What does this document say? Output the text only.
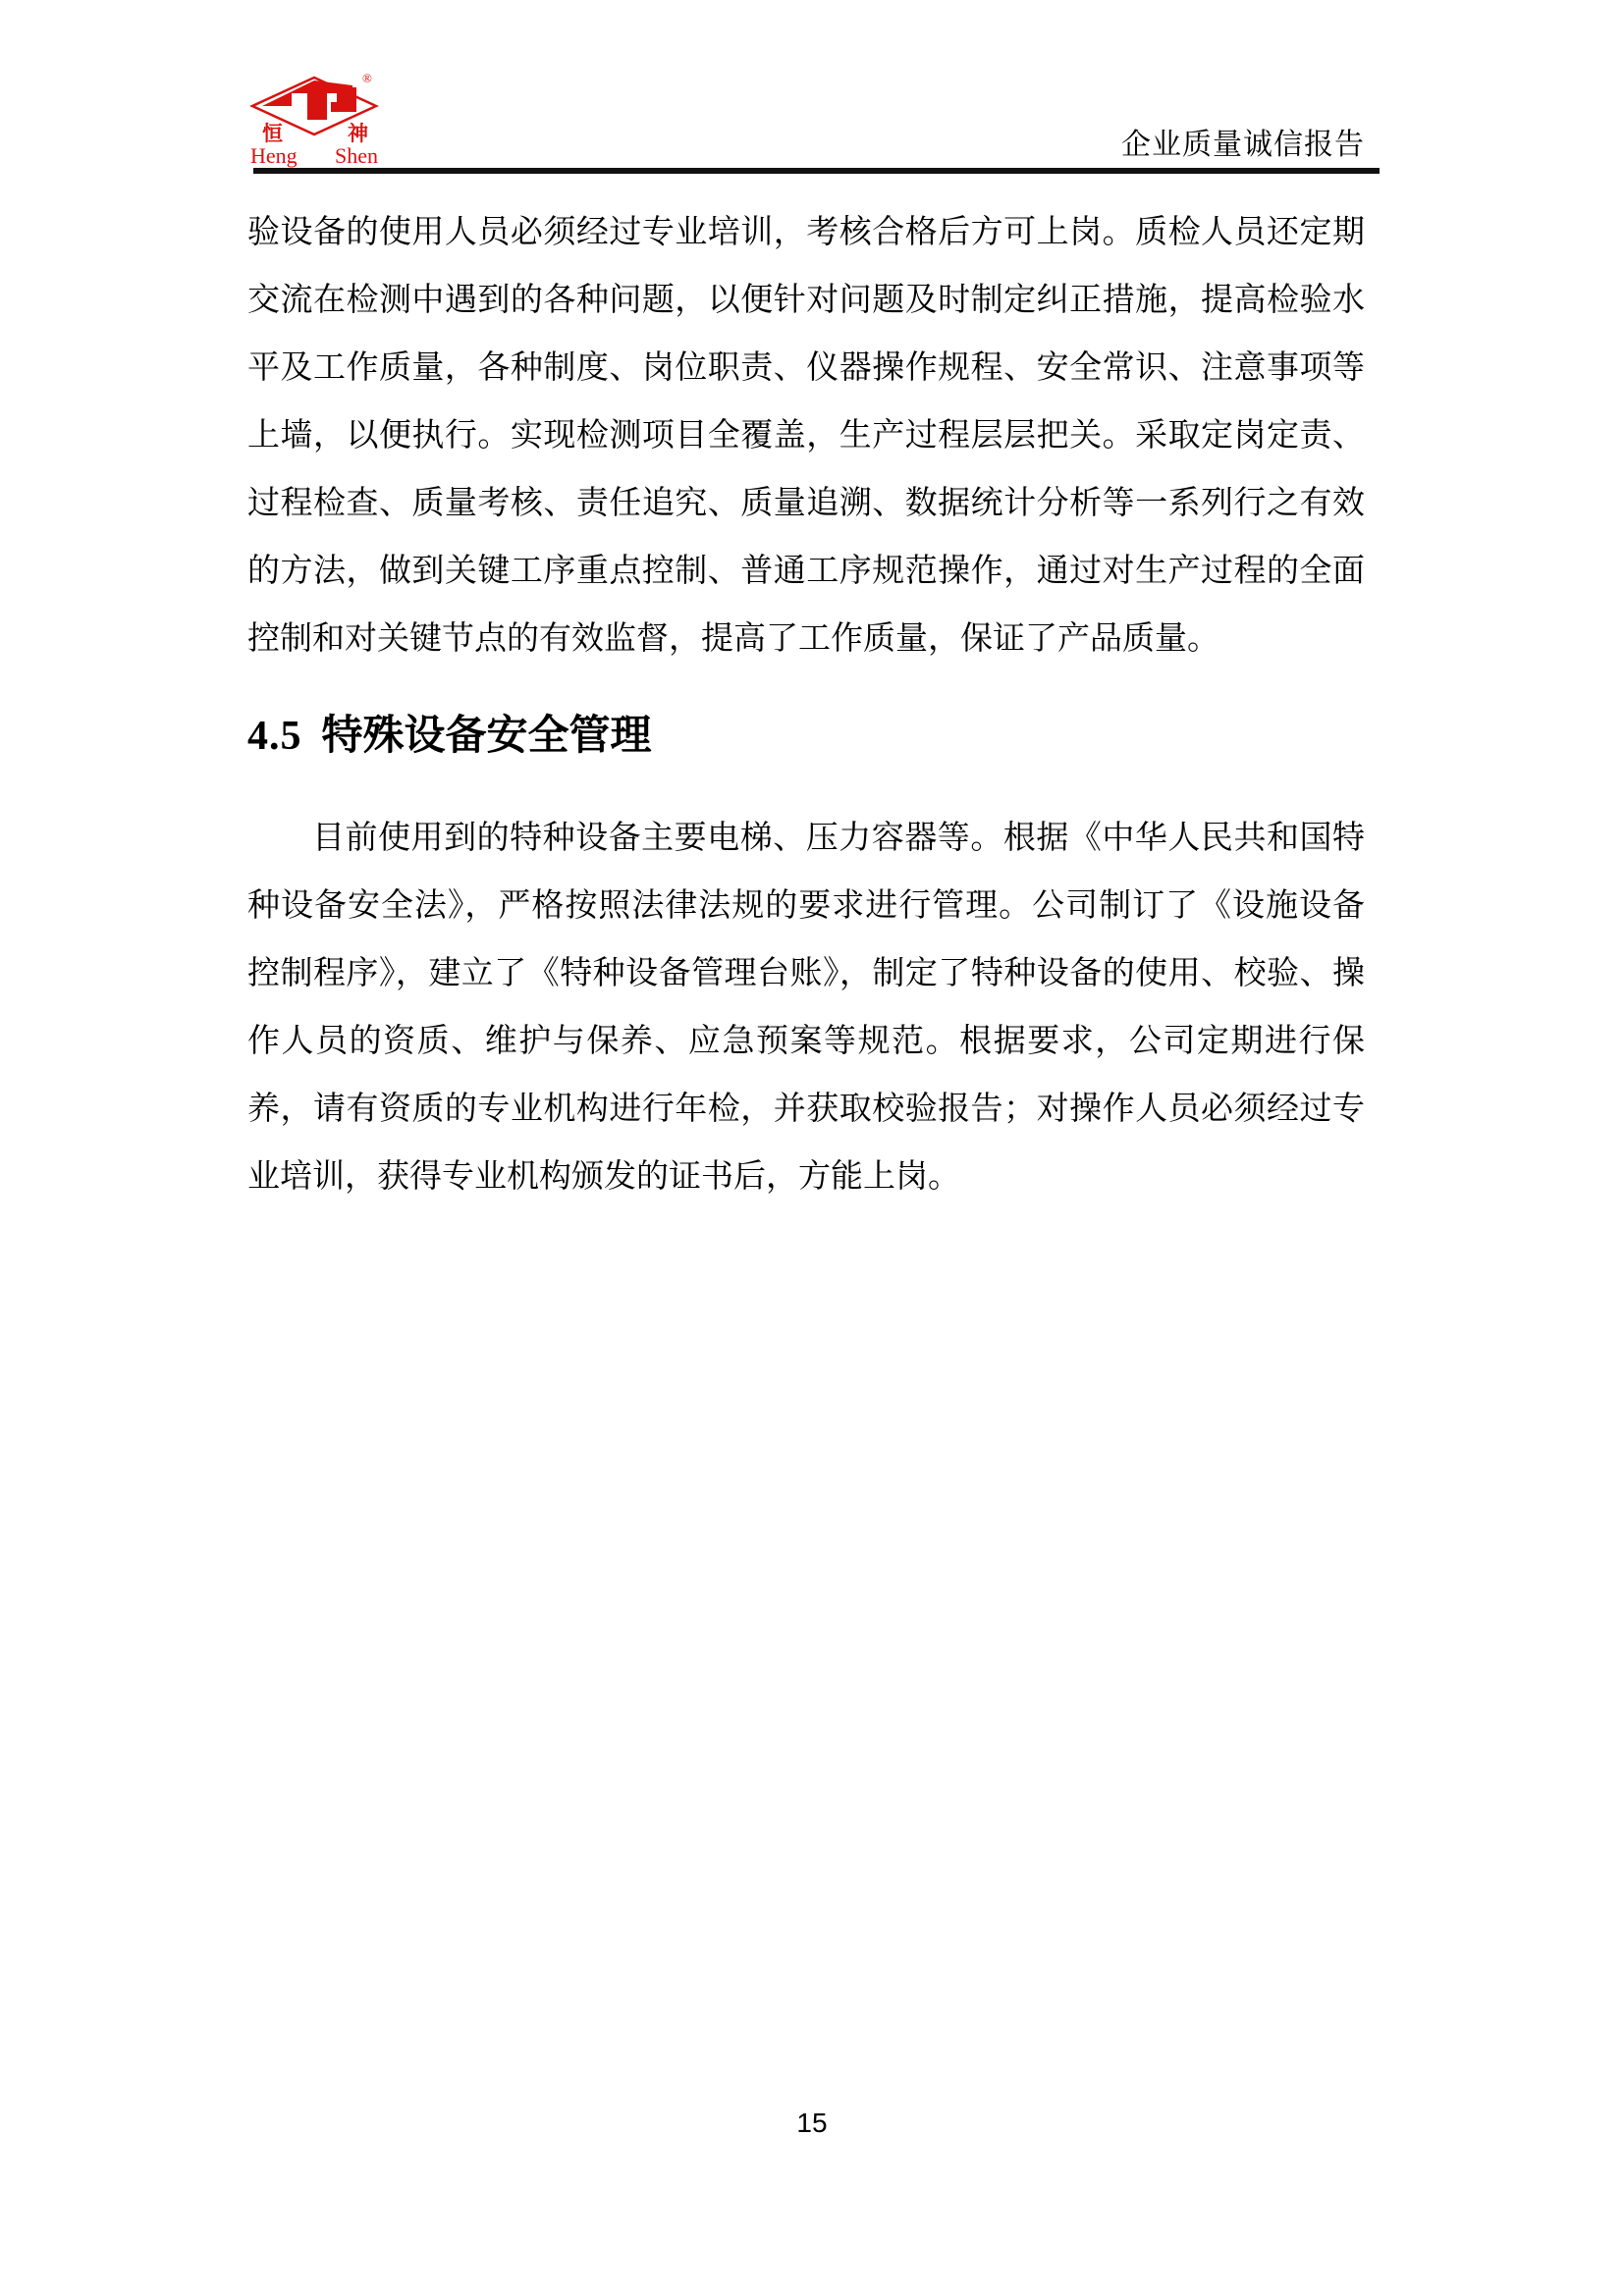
®
恒	神
Heng Shen	企业质量诚信报告

验设备的使用人员必须经过专业培训，考核合格后方可上岗。质检人员还定期交流在检测中遇到的各种问题，以便针对问题及时制定纠正措施，提高检验水平及工作质量，各种制度、岗位职责、仪器操作规程、安全常识、注意事项等上墙，以便执行。实现检测项目全覆盖，生产过程层层把关。采取定岗定责、过程检查、质量考核、责任追究、质量追溯、数据统计分析等一系列行之有效的方法，做到关键工序重点控制、普通工序规范操作，通过对生产过程的全面控制和对关键节点的有效监督，提高了工作质量，保证了产品质量。

4.5 特殊设备安全管理

目前使用到的特种设备主要电梯、压力容器等。根据《中华人民共和国特种设备安全法》，严格按照法律法规的要求进行管理。公司制订了《设施设备控制程序》，建立了《特种设备管理台账》，制定了特种设备的使用、校验、操作人员的资质、维护与保养、应急预案等规范。根据要求，公司定期进行保养，请有资质的专业机构进行年检，并获取校验报告；对操作人员必须经过专业培训，获得专业机构颁发的证书后，方能上岗。

15
